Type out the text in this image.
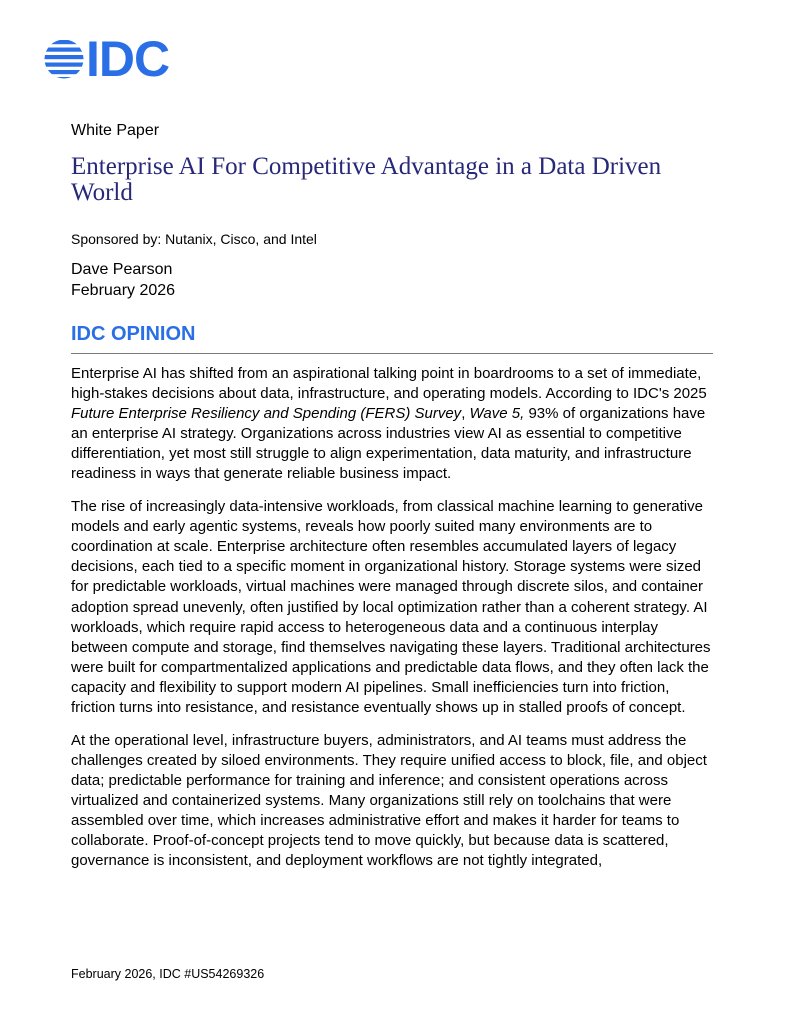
IDC
White Paper
Enterprise AI For Competitive Advantage in a Data Driven World
Sponsored by: Nutanix, Cisco, and Intel
Dave Pearson
February 2026
IDC OPINION

Enterprise AI has shifted from an aspirational talking point in boardrooms to a set of immediate, high-stakes decisions about data, infrastructure, and operating models. According to IDC's 2025 Future Enterprise Resiliency and Spending (FERS) Survey, Wave 5, 93% of organizations have an enterprise AI strategy. Organizations across industries view AI as essential to competitive differentiation, yet most still struggle to align experimentation, data maturity, and infrastructure readiness in ways that generate reliable business impact.

The rise of increasingly data-intensive workloads, from classical machine learning to generative models and early agentic systems, reveals how poorly suited many environments are to coordination at scale. Enterprise architecture often resembles accumulated layers of legacy decisions, each tied to a specific moment in organizational history. Storage systems were sized for predictable workloads, virtual machines were managed through discrete silos, and container adoption spread unevenly, often justified by local optimization rather than a coherent strategy. AI workloads, which require rapid access to heterogeneous data and a continuous interplay between compute and storage, find themselves navigating these layers. Traditional architectures were built for compartmentalized applications and predictable data flows, and they often lack the capacity and flexibility to support modern AI pipelines. Small inefficiencies turn into friction, friction turns into resistance, and resistance eventually shows up in stalled proofs of concept.

At the operational level, infrastructure buyers, administrators, and AI teams must address the challenges created by siloed environments. They require unified access to block, file, and object data; predictable performance for training and inference; and consistent operations across virtualized and containerized systems. Many organizations still rely on toolchains that were assembled over time, which increases administrative effort and makes it harder for teams to collaborate. Proof-of-concept projects tend to move quickly, but because data is scattered, governance is inconsistent, and deployment workflows are not tightly integrated,

February 2026, IDC #US54269326
